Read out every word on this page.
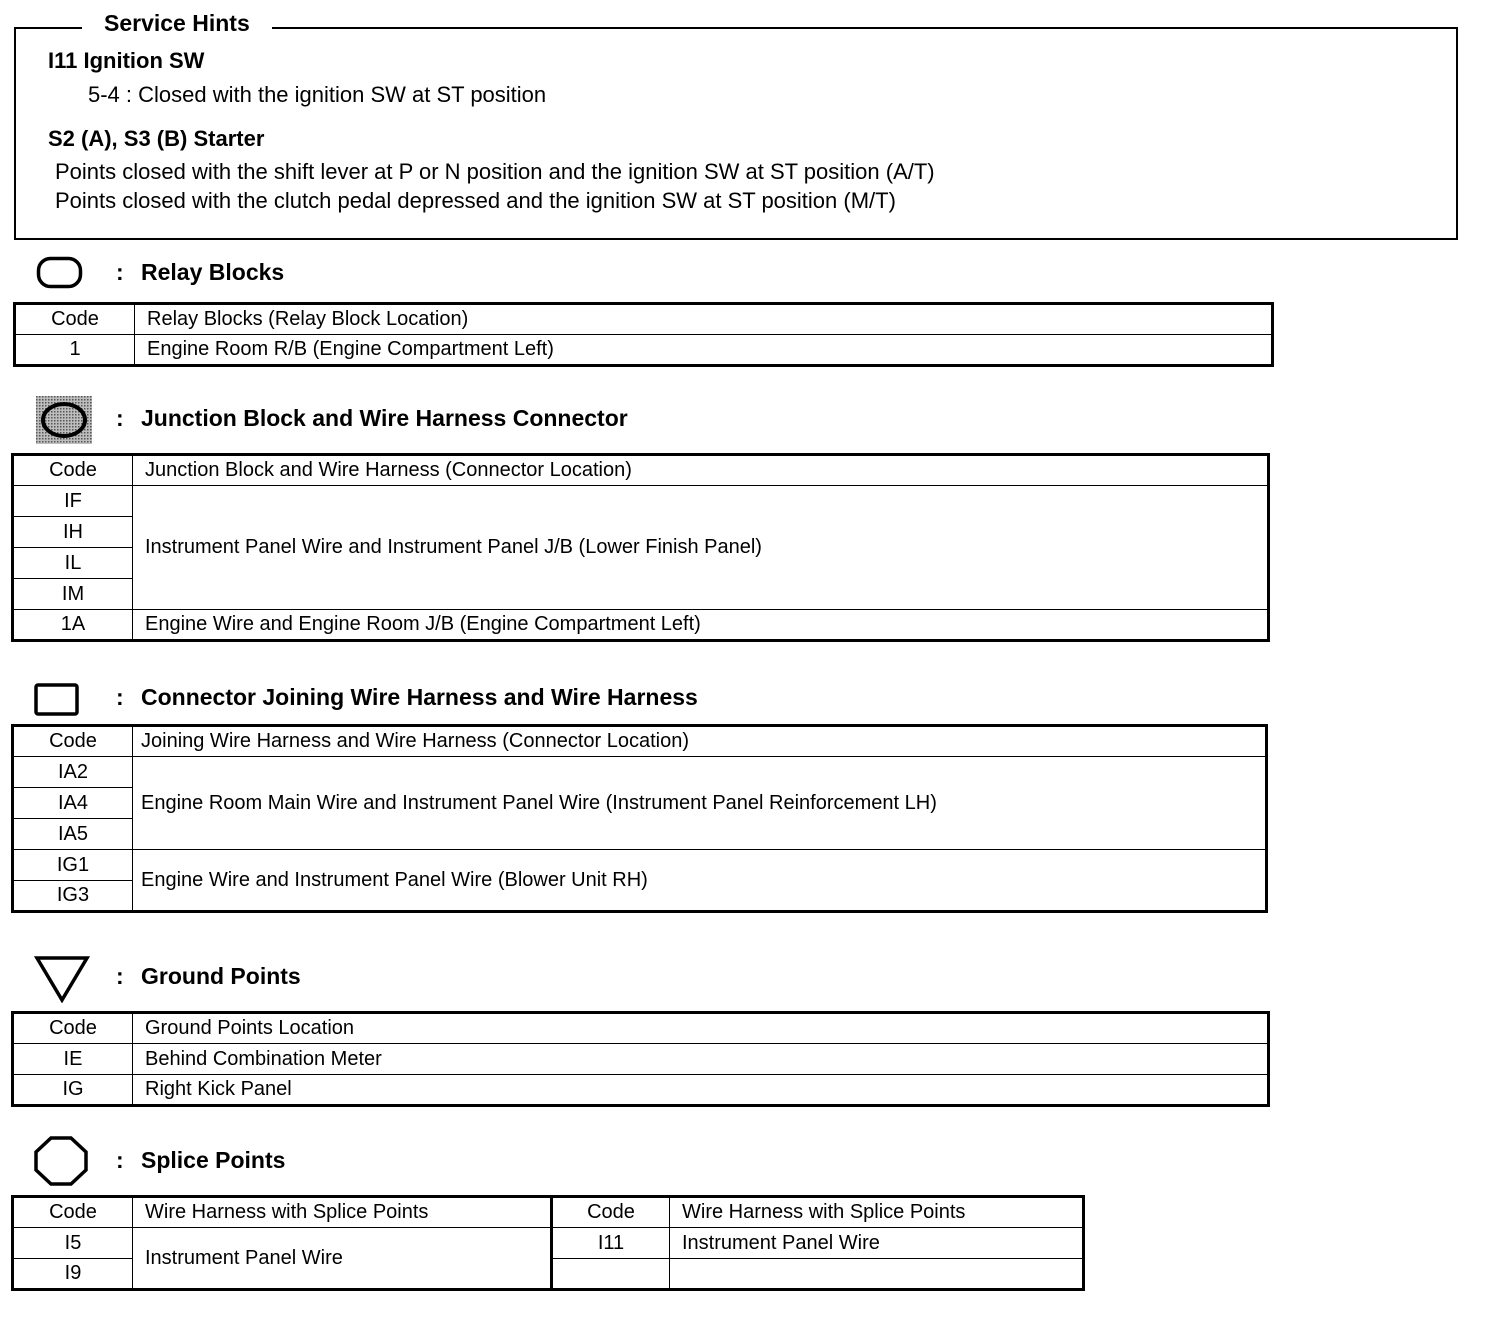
Service Hints
I11 Ignition SW
5-4 : Closed with the ignition SW at ST position
S2 (A), S3 (B) Starter
Points closed with the shift lever at P or N position and the ignition SW at ST position (A/T)
Points closed with the clutch pedal depressed and the ignition SW at ST position (M/T)
: Relay Blocks
Code	Relay Blocks (Relay Block Location)
1	Engine Room R/B (Engine Compartment Left)
: Junction Block and Wire Harness Connector
Code	Junction Block and Wire Harness (Connector Location)
IF	Instrument Panel Wire and Instrument Panel J/B (Lower Finish Panel)
IH	
IL	
IM	
1A	Engine Wire and Engine Room J/B (Engine Compartment Left)
: Connector Joining Wire Harness and Wire Harness
Code	Joining Wire Harness and Wire Harness (Connector Location)
IA2	Engine Room Main Wire and Instrument Panel Wire (Instrument Panel Reinforcement LH)
IA4	
IA5	
IG1	Engine Wire and Instrument Panel Wire (Blower Unit RH)
IG3	
: Ground Points
Code	Ground Points Location
IE	Behind Combination Meter
IG	Right Kick Panel
: Splice Points
Code	Wire Harness with Splice Points	Code	Wire Harness with Splice Points
I5	Instrument Panel Wire	I11	Instrument Panel Wire
I9			
